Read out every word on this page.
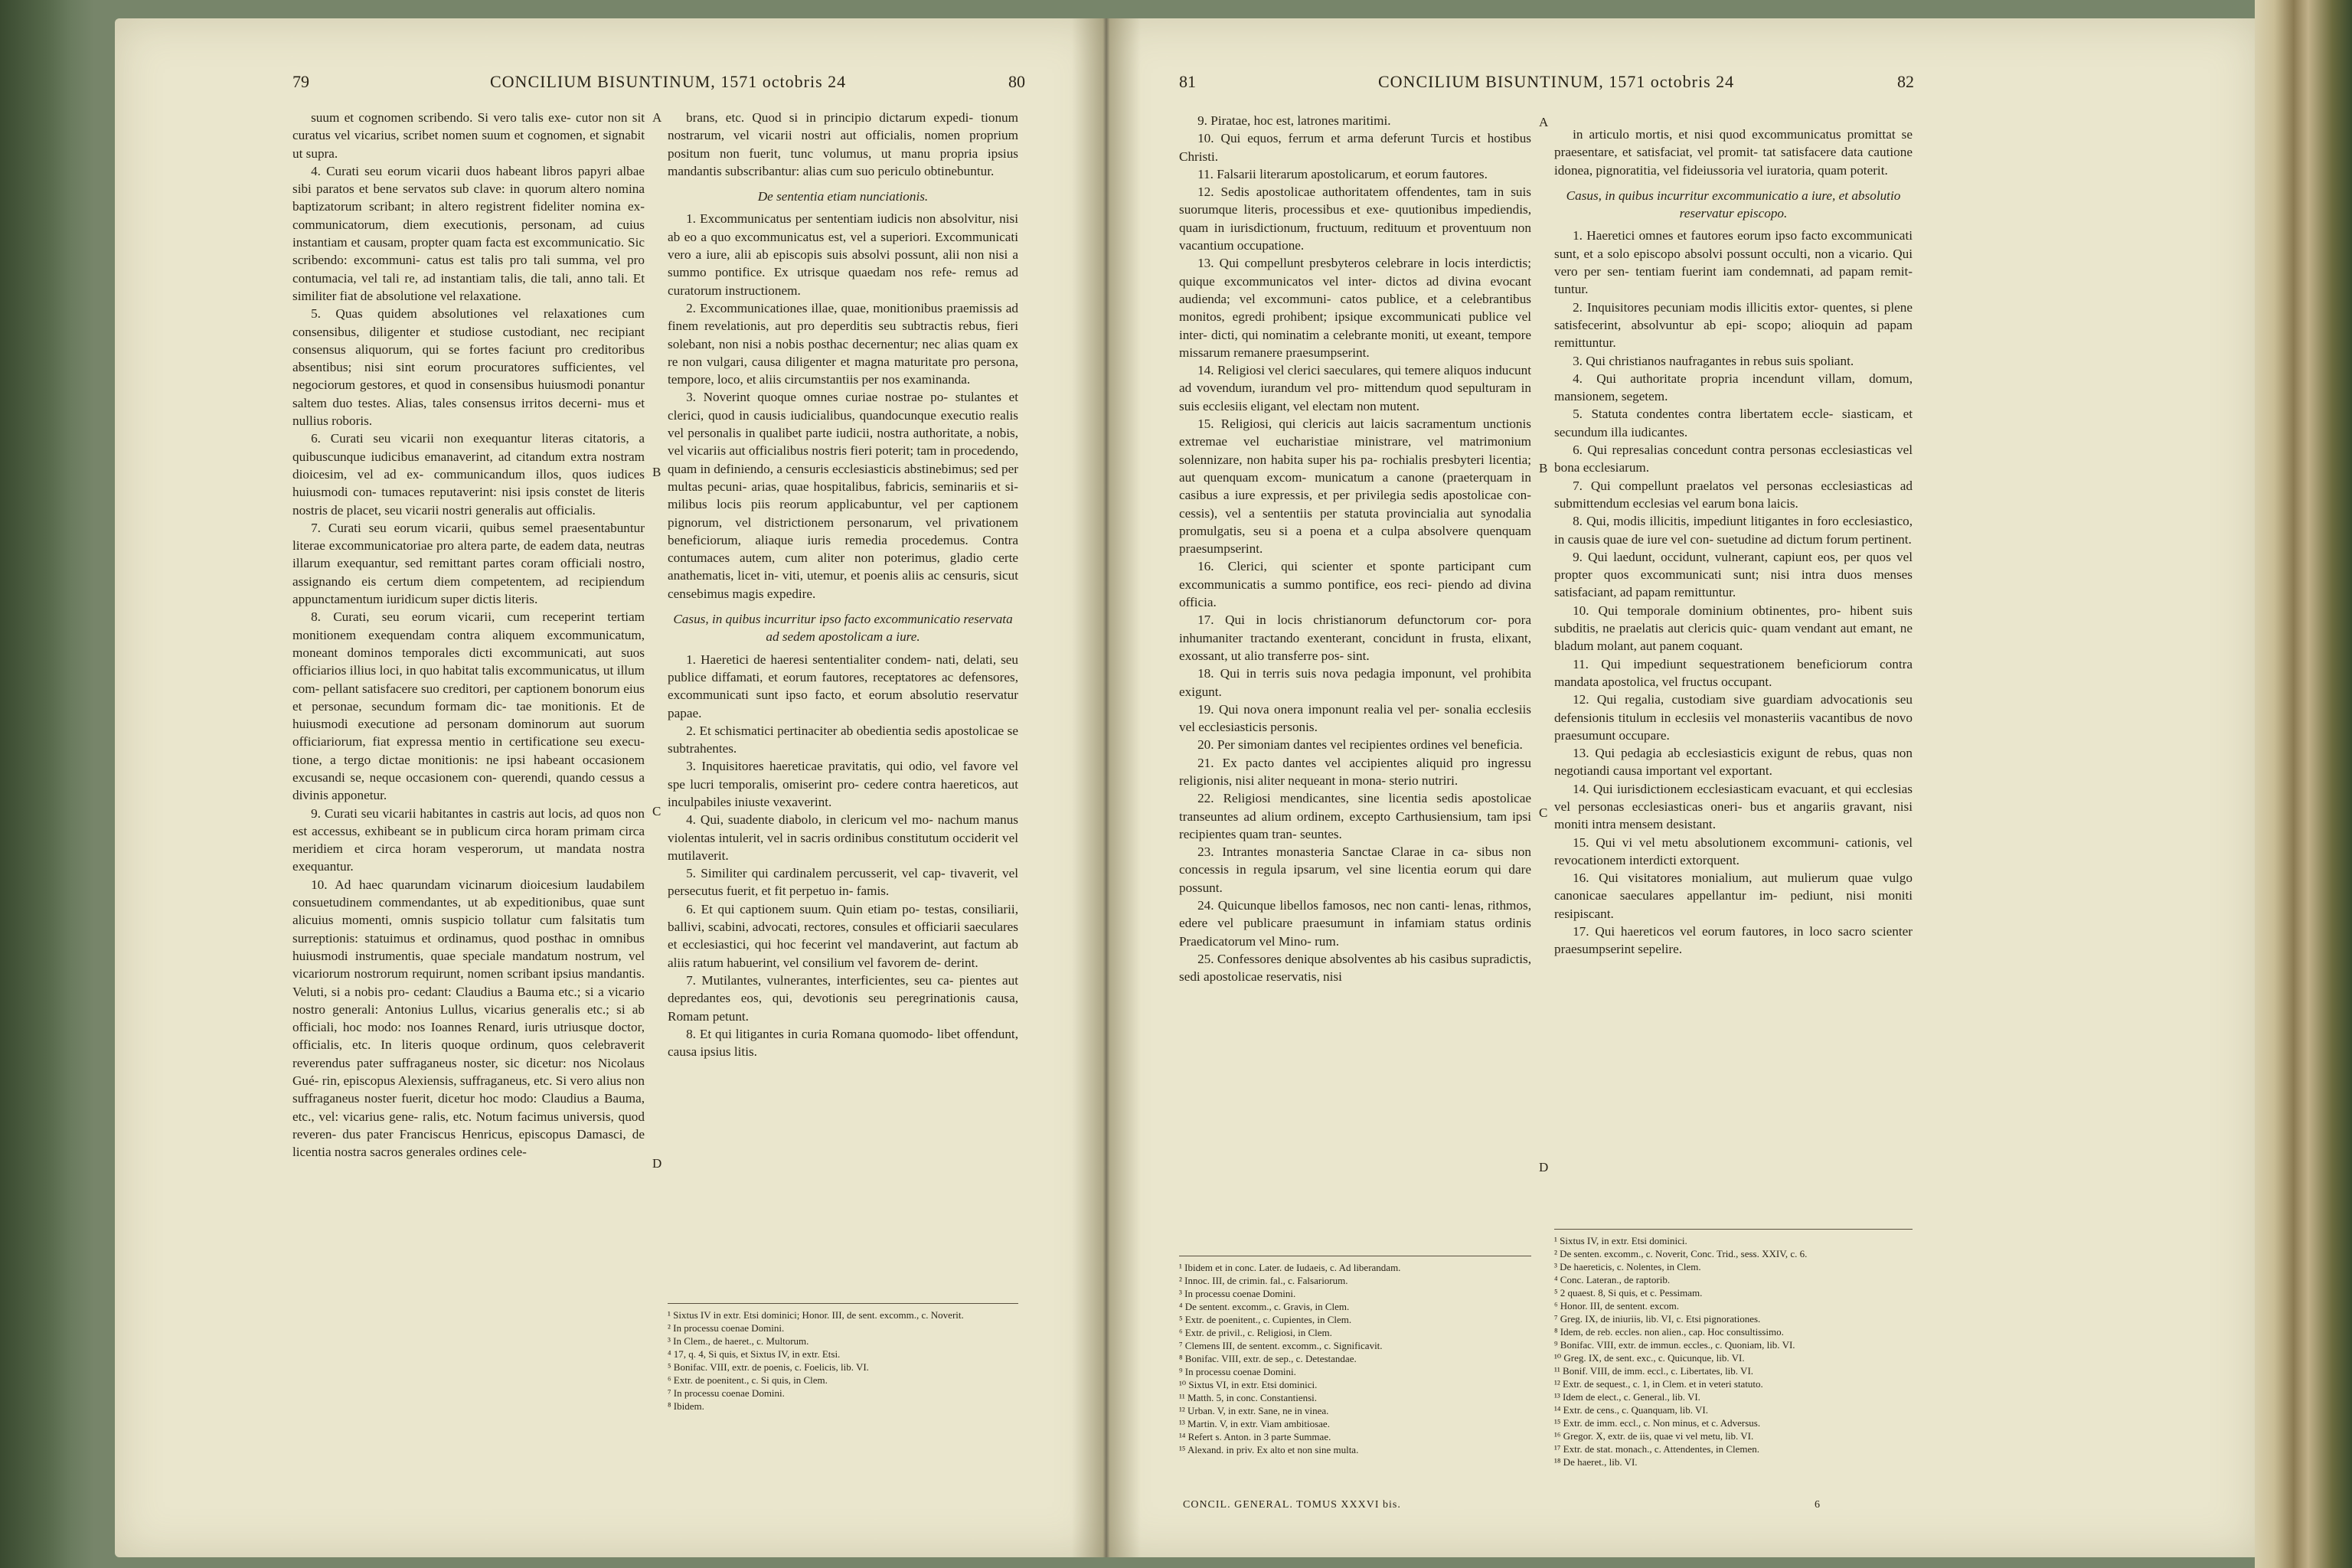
79	CONCILIUM BISUNTINUM, 1571 octobris 24	80

suum et cognomen scribendo. Si vero talis exe- cutor non sit curatus vel vicarius, scribet nomen suum et cognomen, et signabit ut supra.

4. Curati seu eorum vicarii duos habeant libros papyri albae sibi paratos et bene servatos sub clave: in quorum altero nomina baptizatorum scribant; in altero registrent fideliter nomina ex- communicatorum, diem executionis, personam, ad cuius instantiam et causam, propter quam facta est excommunicatio. Sic scribendo: excommuni- catus est talis pro tali summa, vel pro contumacia, vel tali re, ad instantiam talis, die tali, anno tali. Et similiter fiat de absolutione vel relaxatione.

5. Quas quidem absolutiones vel relaxationes cum consensibus, diligenter et studiose custodiant, nec recipiant consensus aliquorum, qui se fortes faciunt pro creditoribus absentibus; nisi sint eorum procuratores sufficientes, vel negociorum gestores, et quod in consensibus huiusmodi ponantur saltem duo testes. Alias, tales consensus irritos decerni- mus et nullius roboris.

6. Curati seu vicarii non exequantur literas citatoris, a quibuscunque iudicibus emanaverint, ad citandum extra nostram dioicesim, vel ad ex- communicandum illos, quos iudices huiusmodi con- tumaces reputaverint: nisi ipsis constet de literis nostris de placet, seu vicarii nostri generalis aut officialis.

7. Curati seu eorum vicarii, quibus semel praesentabuntur literae excommunicatoriae pro altera parte, de eadem data, neutras illarum exequantur, sed remittant partes coram officiali nostro, assignando eis certum diem competentem, ad recipiendum appunctamentum iuridicum super dictis literis.

8. Curati, seu eorum vicarii, cum receperint tertiam monitionem exequendam contra aliquem excommunicatum, moneant dominos temporales dicti excommunicati, aut suos officiarios illius loci, in quo habitat talis excommunicatus, ut illum com- pellant satisfacere suo creditori, per captionem bonorum eius et personae, secundum formam dic- tae monitionis. Et de huiusmodi executione ad personam dominorum aut suorum officiariorum, fiat expressa mentio in certificatione seu execu- tione, a tergo dictae monitionis: ne ipsi habeant occasionem excusandi se, neque occasionem con- querendi, quando cessus a divinis apponetur.

9. Curati seu vicarii habitantes in castris aut locis, ad quos non est accessus, exhibeant se in publicum circa horam primam circa meridiem et circa horam vesperorum, ut mandata nostra exequantur.

10. Ad haec quarundam vicinarum dioicesium laudabilem consuetudinem commendantes, ut ab expeditionibus, quae sunt alicuius momenti, omnis suspicio tollatur cum falsitatis tum surreptionis: statuimus et ordinamus, quod posthac in omnibus huiusmodi instrumentis, quae speciale mandatum nostrum, vel vicariorum nostrorum requirunt, nomen scribant ipsius mandantis. Veluti, si a nobis pro- cedant: Claudius a Bauma etc.; si a vicario nostro generali: Antonius Lullus, vicarius generalis etc.; si ab officiali, hoc modo: nos Ioannes Renard, iuris utriusque doctor, officialis, etc. In literis quoque ordinum, quos celebraverit reverendus pater suffraganeus noster, sic dicetur: nos Nicolaus Gué- rin, episcopus Alexiensis, suffraganeus, etc. Si vero alius non suffraganeus noster fuerit, dicetur hoc modo: Claudius a Bauma, etc., vel: vicarius gene- ralis, etc. Notum facimus universis, quod reveren- dus pater Franciscus Henricus, episcopus Damasci, de licentia nostra sacros generales ordines cele-

brans, etc. Quod si in principio dictarum expedi- tionum nostrarum, vel vicarii nostri aut officialis, nomen proprium positum non fuerit, tunc volumus, ut manu propria ipsius mandantis subscribantur: alias cum suo periculo obtinebuntur.

De sententia etiam nunciationis.

1. Excommunicatus per sententiam iudicis non absolvitur, nisi ab eo a quo excommunicatus est, vel a superiori. Excommunicati vero a iure, alii ab episcopis suis absolvi possunt, alii non nisi a summo pontifice. Ex utrisque quaedam nos refe- remus ad curatorum instructionem.

2. Excommunicationes illae, quae, monitionibus praemissis ad finem revelationis, aut pro deperditis seu subtractis rebus, fieri solebant, non nisi a nobis posthac decernentur; nec alias quam ex re non vulgari, causa diligenter et magna maturitate pro persona, tempore, loco, et aliis circumstantiis per nos examinanda.

3. Noverint quoque omnes curiae nostrae po- stulantes et clerici, quod in causis iudicialibus, quandocunque executio realis vel personalis in qualibet parte iudicii, nostra authoritate, a nobis, vel vicariis aut officialibus nostris fieri poterit; tam in procedendo, quam in definiendo, a censuris ecclesiasticis abstinebimus; sed per multas pecuni- arias, quae hospitalibus, fabricis, seminariis et si- milibus locis piis reorum applicabuntur, vel per captionem pignorum, vel districtionem personarum, vel privationem beneficiorum, aliaque iuris remedia procedemus. Contra contumaces autem, cum aliter non poterimus, gladio certe anathematis, licet in- viti, utemur, et poenis aliis ac censuris, sicut censebimus magis expedire.

Casus, in quibus incurritur ipso facto excommunicatio reservata ad sedem apostolicam a iure.

1. Haeretici de haeresi sententialiter condem- nati, delati, seu publice diffamati, et eorum fautores, receptatores ac defensores, excommunicati sunt ipso facto, et eorum absolutio reservatur papae.

2. Et schismatici pertinaciter ab obedientia sedis apostolicae se subtrahentes.

3. Inquisitores haereticae pravitatis, qui odio, vel favore vel spe lucri temporalis, omiserint pro- cedere contra haereticos, aut inculpabiles iniuste vexaverint.

4. Qui, suadente diabolo, in clericum vel mo- nachum manus violentas intulerit, vel in sacris ordinibus constitutum occiderit vel mutilaverit.

5. Similiter qui cardinalem percusserit, vel cap- tivaverit, vel persecutus fuerit, et fit perpetuo in- famis.

6. Et qui captionem suum. Quin etiam po- testas, consiliarii, ballivi, scabini, advocati, rectores, consules et officiarii saeculares et ecclesiastici, qui hoc fecerint vel mandaverint, aut factum ab aliis ratum habuerint, vel consilium vel favorem de- derint.

7. Mutilantes, vulnerantes, interficientes, seu ca- pientes aut depredantes eos, qui, devotionis seu peregrinationis causa, Romam petunt.

8. Et qui litigantes in curia Romana quomodo- libet offendunt, causa ipsius litis.

¹ Sixtus IV in extr. Etsi dominici; Honor. III, de sent. excomm., c. Noverit.

² In processu coenae Domini.

³ In Clem., de haeret., c. Multorum.

⁴ 17, q. 4, Si quis, et Sixtus IV, in extr. Etsi.

⁵ Bonifac. VIII, extr. de poenis, c. Foelicis, lib. VI.

⁶ Extr. de poenitent., c. Si quis, in Clem.

⁷ In processu coenae Domini.

⁸ Ibidem.

A
B
C
D
81	CONCILIUM BISUNTINUM, 1571 octobris 24	82

9. Piratae, hoc est, latrones maritimi.

10. Qui equos, ferrum et arma deferunt Turcis et hostibus Christi.

11. Falsarii literarum apostolicarum, et eorum fautores.

12. Sedis apostolicae authoritatem offendentes, tam in suis suorumque literis, processibus et exe- quutionibus impediendis, quam in iurisdictionum, fructuum, redituum et proventuum non vacantium occupatione.

13. Qui compellunt presbyteros celebrare in locis interdictis; quique excommunicatos vel inter- dictos ad divina evocant audienda; vel excommuni- catos publice, et a celebrantibus monitos, egredi prohibent; ipsique excommunicati publice vel inter- dicti, qui nominatim a celebrante moniti, ut exeant, tempore missarum remanere praesumpserint.

14. Religiosi vel clerici saeculares, qui temere aliquos inducunt ad vovendum, iurandum vel pro- mittendum quod sepulturam in suis ecclesiis eligant, vel electam non mutent.

15. Religiosi, qui clericis aut laicis sacramentum unctionis extremae vel eucharistiae ministrare, vel matrimonium solennizare, non habita super his pa- rochialis presbyteri licentia; aut quenquam excom- municatum a canone (praeterquam in casibus a iure expressis, et per privilegia sedis apostolicae con- cessis), vel a sententiis per statuta provincialia aut synodalia promulgatis, seu si a poena et a culpa absolvere quenquam praesumpserint.

16. Clerici, qui scienter et sponte participant cum excommunicatis a summo pontifice, eos reci- piendo ad divina officia.

17. Qui in locis christianorum defunctorum cor- pora inhumaniter tractando exenterant, concidunt in frusta, elixant, exossant, ut alio transferre pos- sint.

18. Qui in terris suis nova pedagia imponunt, vel prohibita exigunt.

19. Qui nova onera imponunt realia vel per- sonalia ecclesiis vel ecclesiasticis personis.

20. Per simoniam dantes vel recipientes ordines vel beneficia.

21. Ex pacto dantes vel accipientes aliquid pro ingressu religionis, nisi aliter nequeant in mona- sterio nutriri.

22. Religiosi mendicantes, sine licentia sedis apostolicae transeuntes ad alium ordinem, excepto Carthusiensium, tam ipsi recipientes quam tran- seuntes.

23. Intrantes monasteria Sanctae Clarae in ca- sibus non concessis in regula ipsarum, vel sine licentia eorum qui dare possunt.

24. Quicunque libellos famosos, nec non canti- lenas, rithmos, edere vel publicare praesumunt in infamiam status ordinis Praedicatorum vel Mino- rum.

25. Confessores denique absolventes ab his casibus supradictis, sedi apostolicae reservatis, nisi

in articulo mortis, et nisi quod excommunicatus promittat se praesentare, et satisfaciat, vel promit- tat satisfacere data cautione idonea, pignoratitia, vel fideiussoria vel iuratoria, quam poterit.

Casus, in quibus incurritur excommunicatio a iure, et absolutio reservatur episcopo.

1. Haeretici omnes et fautores eorum ipso facto excommunicati sunt, et a solo episcopo absolvi possunt occulti, non a vicario. Qui vero per sen- tentiam fuerint iam condemnati, ad papam remit- tuntur.

2. Inquisitores pecuniam modis illicitis extor- quentes, si plene satisfecerint, absolvuntur ab epi- scopo; alioquin ad papam remittuntur.

3. Qui christianos naufragantes in rebus suis spoliant.

4. Qui authoritate propria incendunt villam, domum, mansionem, segetem.

5. Statuta condentes contra libertatem eccle- siasticam, et secundum illa iudicantes.

6. Qui represalias concedunt contra personas ecclesiasticas vel bona ecclesiarum.

7. Qui compellunt praelatos vel personas ecclesiasticas ad submittendum ecclesias vel earum bona laicis.

8. Qui, modis illicitis, impediunt litigantes in foro ecclesiastico, in causis quae de iure vel con- suetudine ad dictum forum pertinent.

9. Qui laedunt, occidunt, vulnerant, capiunt eos, per quos vel propter quos excommunicati sunt; nisi intra duos menses satisfaciant, ad papam remittuntur.

10. Qui temporale dominium obtinentes, pro- hibent suis subditis, ne praelatis aut clericis quic- quam vendant aut emant, ne bladum molant, aut panem coquant.

11. Qui impediunt sequestrationem beneficiorum contra mandata apostolica, vel fructus occupant.

12. Qui regalia, custodiam sive guardiam advocationis seu defensionis titulum in ecclesiis vel monasteriis vacantibus de novo praesumunt occupare.

13. Qui pedagia ab ecclesiasticis exigunt de rebus, quas non negotiandi causa important vel exportant.

14. Qui iurisdictionem ecclesiasticam evacuant, et qui ecclesias vel personas ecclesiasticas oneri- bus et angariis gravant, nisi moniti intra mensem desistant.

15. Qui vi vel metu absolutionem excommuni- cationis, vel revocationem interdicti extorquent.

16. Qui visitatores monialium, aut mulierum quae vulgo canonicae saeculares appellantur im- pediunt, nisi moniti resipiscant.

17. Qui haereticos vel eorum fautores, in loco sacro scienter praesumpserint sepelire.

¹ Ibidem et in conc. Later. de Iudaeis, c. Ad liberandam.

² Innoc. III, de crimin. fal., c. Falsariorum.

³ In processu coenae Domini.

⁴ De sentent. excomm., c. Gravis, in Clem.

⁵ Extr. de poenitent., c. Cupientes, in Clem.

⁶ Extr. de privil., c. Religiosi, in Clem.

⁷ Clemens III, de sentent. excomm., c. Significavit.

⁸ Bonifac. VIII, extr. de sep., c. Detestandae.

⁹ In processu coenae Domini.

¹⁰ Sixtus VI, in extr. Etsi dominici.

¹¹ Matth. 5, in conc. Constantiensi.

¹² Urban. V, in extr. Sane, ne in vinea.

¹³ Martin. V, in extr. Viam ambitiosae.

¹⁴ Refert s. Anton. in 3 parte Summae.

¹⁵ Alexand. in priv. Ex alto et non sine multa.

¹ Sixtus IV, in extr. Etsi dominici.

² De senten. excomm., c. Noverit, Conc. Trid., sess. XXIV, c. 6.

³ De haereticis, c. Nolentes, in Clem.

⁴ Conc. Lateran., de raptorib.

⁵ 2 quaest. 8, Si quis, et c. Pessimam.

⁶ Honor. III, de sentent. excom.

⁷ Greg. IX, de iniuriis, lib. VI, c. Etsi pignorationes.

⁸ Idem, de reb. eccles. non alien., cap. Hoc consultissimo.

⁹ Bonifac. VIII, extr. de immun. eccles., c. Quoniam, lib. VI.

¹⁰ Greg. IX, de sent. exc., c. Quicunque, lib. VI.

¹¹ Bonif. VIII, de imm. eccl., c. Libertates, lib. VI.

¹² Extr. de sequest., c. 1, in Clem. et in veteri statuto.

¹³ Idem de elect., c. General., lib. VI.

¹⁴ Extr. de cens., c. Quanquam, lib. VI.

¹⁵ Extr. de imm. eccl., c. Non minus, et c. Adversus.

¹⁶ Gregor. X, extr. de iis, quae vi vel metu, lib. VI.

¹⁷ Extr. de stat. monach., c. Attendentes, in Clemen.

¹⁸ De haeret., lib. VI.

A
B
C
D
CONCIL. GENERAL. TOMUS XXXVI bis.	6
